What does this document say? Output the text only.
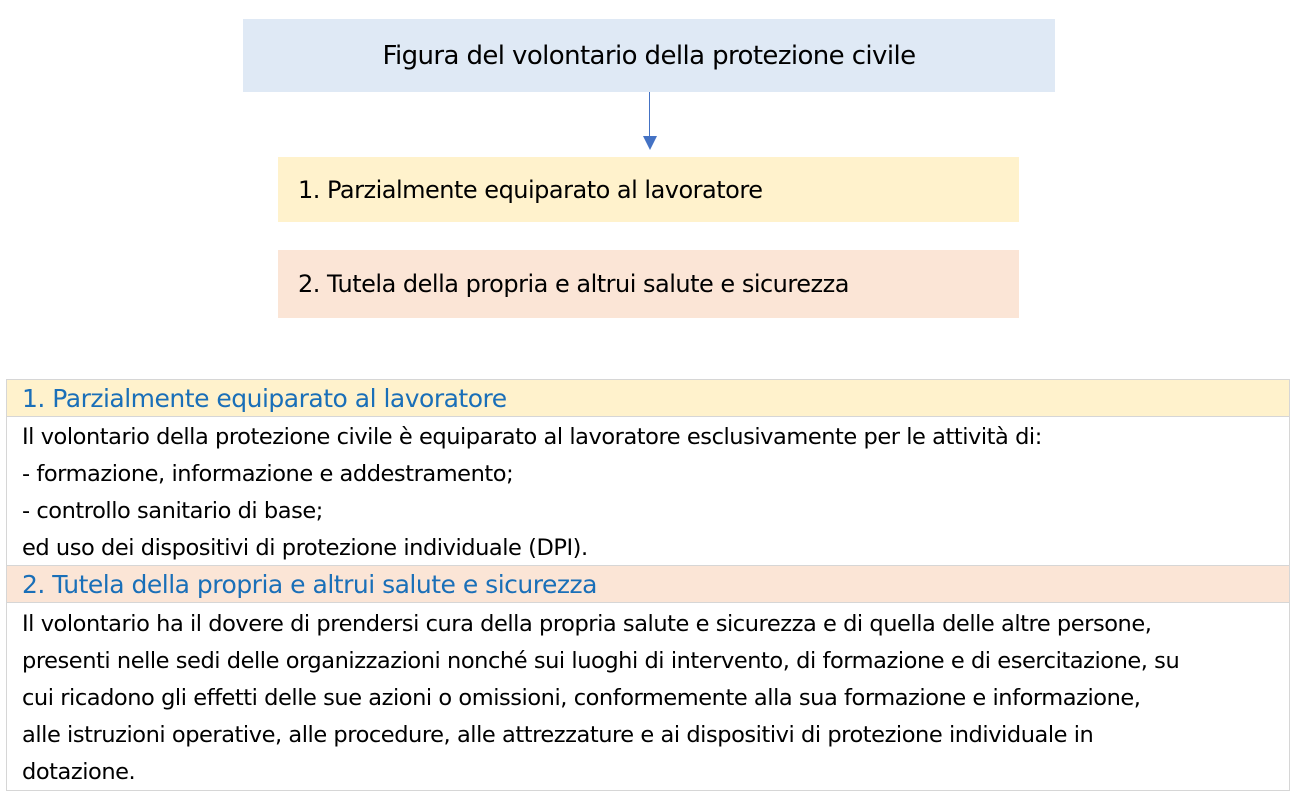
Figura del volontario della protezione civile
1. Parzialmente equiparato al lavoratore
2. Tutela della propria e altrui salute e sicurezza
1. Parzialmente equiparato al lavoratore
Il volontario della protezione civile è equiparato al lavoratore esclusivamente per le attività di:
- formazione, informazione e addestramento;
- controllo sanitario di base;
ed uso dei dispositivi di protezione individuale (DPI).
2. Tutela della propria e altrui salute e sicurezza
Il volontario ha il dovere di prendersi cura della propria salute e sicurezza e di quella delle altre persone,
presenti nelle sedi delle organizzazioni nonché sui luoghi di intervento, di formazione e di esercitazione, su
cui ricadono gli effetti delle sue azioni o omissioni, conformemente alla sua formazione e informazione,
alle istruzioni operative, alle procedure, alle attrezzature e ai dispositivi di protezione individuale in
dotazione.
